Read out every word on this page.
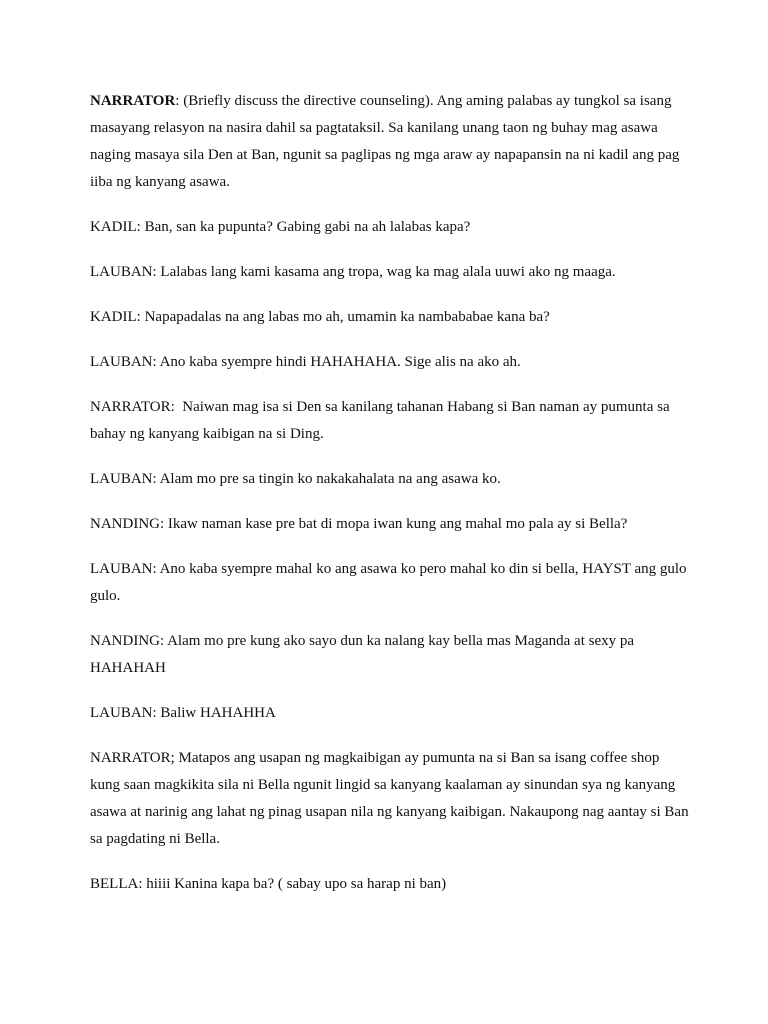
NARRATOR: (Briefly discuss the directive counseling). Ang aming palabas ay tungkol sa isang masayang relasyon na nasira dahil sa pagtataksil. Sa kanilang unang taon ng buhay mag asawa naging masaya sila Den at Ban, ngunit sa paglipas ng mga araw ay napapansin na ni kadil ang pag iiba ng kanyang asawa.

KADIL: Ban, san ka pupunta? Gabing gabi na ah lalabas kapa?

LAUBAN: Lalabas lang kami kasama ang tropa, wag ka mag alala uuwi ako ng maaga.

KADIL: Napapadalas na ang labas mo ah, umamin ka nambababae kana ba?

LAUBAN: Ano kaba syempre hindi HAHAHAHA. Sige alis na ako ah.

NARRATOR:  Naiwan mag isa si Den sa kanilang tahanan Habang si Ban naman ay pumunta sa bahay ng kanyang kaibigan na si Ding.

LAUBAN: Alam mo pre sa tingin ko nakakahalata na ang asawa ko.

NANDING: Ikaw naman kase pre bat di mopa iwan kung ang mahal mo pala ay si Bella?

LAUBAN: Ano kaba syempre mahal ko ang asawa ko pero mahal ko din si bella, HAYST ang gulo gulo.

NANDING: Alam mo pre kung ako sayo dun ka nalang kay bella mas Maganda at sexy pa HAHAHAH

LAUBAN: Baliw HAHAHHA

NARRATOR; Matapos ang usapan ng magkaibigan ay pumunta na si Ban sa isang coffee shop kung saan magkikita sila ni Bella ngunit lingid sa kanyang kaalaman ay sinundan sya ng kanyang asawa at narinig ang lahat ng pinag usapan nila ng kanyang kaibigan. Nakaupong nag aantay si Ban sa pagdating ni Bella.

BELLA: hiiii Kanina kapa ba? ( sabay upo sa harap ni ban)
